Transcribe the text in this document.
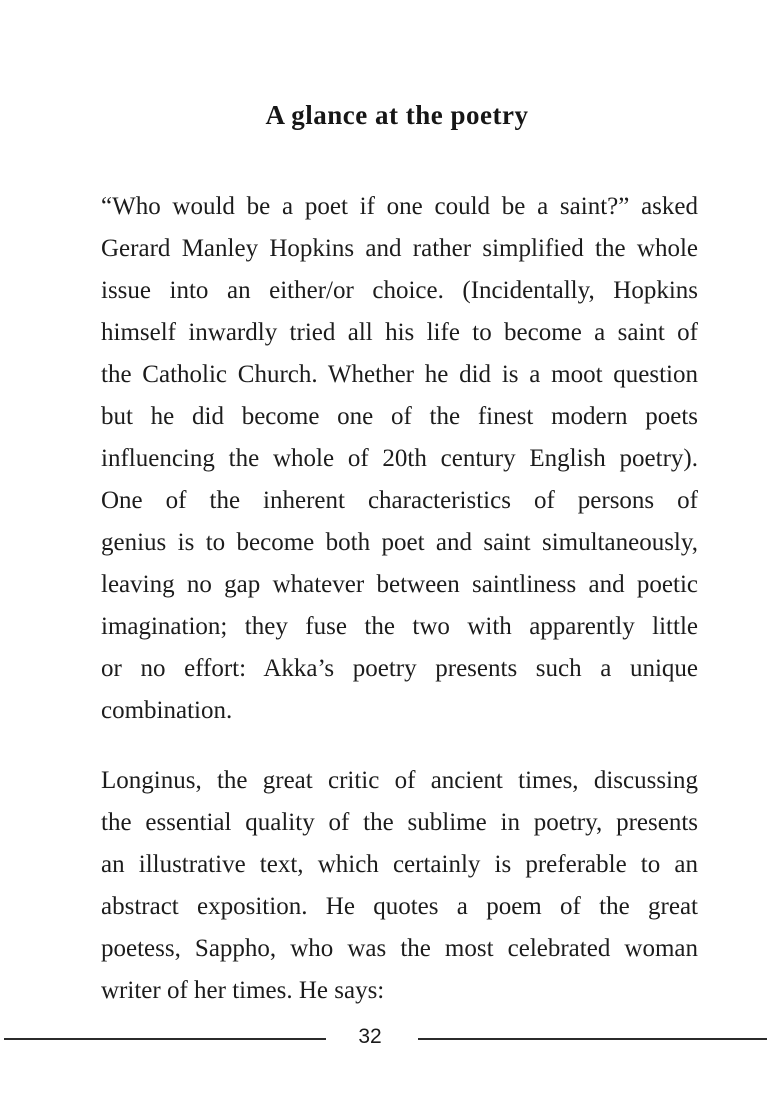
A glance at the poetry
“Who would be a poet if one could be a saint?” asked
Gerard Manley Hopkins and rather simplified the whole
issue into an either/or choice. (Incidentally, Hopkins
himself inwardly tried all his life to become a saint of
the Catholic Church. Whether he did is a moot question
but he did become one of the finest modern poets
influencing the whole of 20th century English poetry).
One of the inherent characteristics of persons of
genius is to become both poet and saint simultaneously,
leaving no gap whatever between saintliness and poetic
imagination; they fuse the two with apparently little
or no effort: Akka’s poetry presents such a unique
combination.
Longinus, the great critic of ancient times, discussing
the essential quality of the sublime in poetry, presents
an illustrative text, which certainly is preferable to an
abstract exposition. He quotes a poem of the great
poetess, Sappho, who was the most celebrated woman
writer of her times. He says:
32
